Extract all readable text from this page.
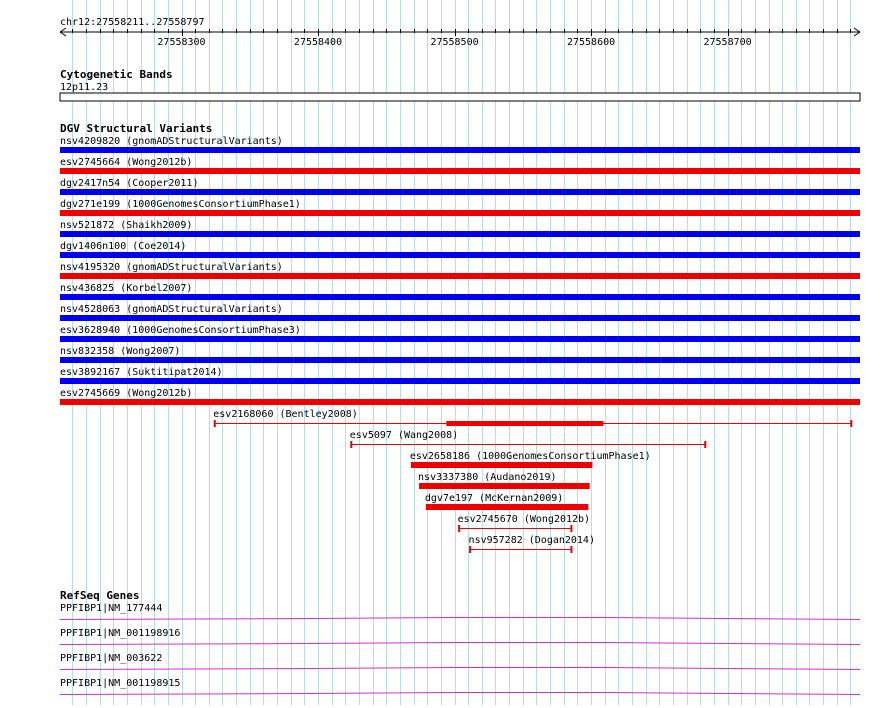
chr12:27558211..27558797
27558300	27558400	27558500	27558600	27558700
Cytogenetic Bands
12p11.23
DGV Structural Variants
nsv4209820 (gnomADStructuralVariants)
esv2745664 (Wong2012b)
dgv2417n54 (Cooper2011)
dgv271e199 (1000GenomesConsortiumPhase1)
nsv521872 (Shaikh2009)
dgv1406n100 (Coe2014)
nsv4195320 (gnomADStructuralVariants)
nsv436825 (Korbel2007)
nsv4528063 (gnomADStructuralVariants)
esv3628940 (1000GenomesConsortiumPhase3)
nsv832358 (Wong2007)
esv3892167 (Suktitipat2014)
esv2745669 (Wong2012b)
esv2168060 (Bentley2008)
esv5097 (Wang2008)
esv2658186 (1000GenomesConsortiumPhase1)
nsv3337380 (Audano2019)
dgv7e197 (McKernan2009)
esv2745670 (Wong2012b)
nsv957282 (Dogan2014)
RefSeq Genes
PPFIBP1|NM_177444
PPFIBP1|NM_001198916
PPFIBP1|NM_003622
PPFIBP1|NM_001198915
